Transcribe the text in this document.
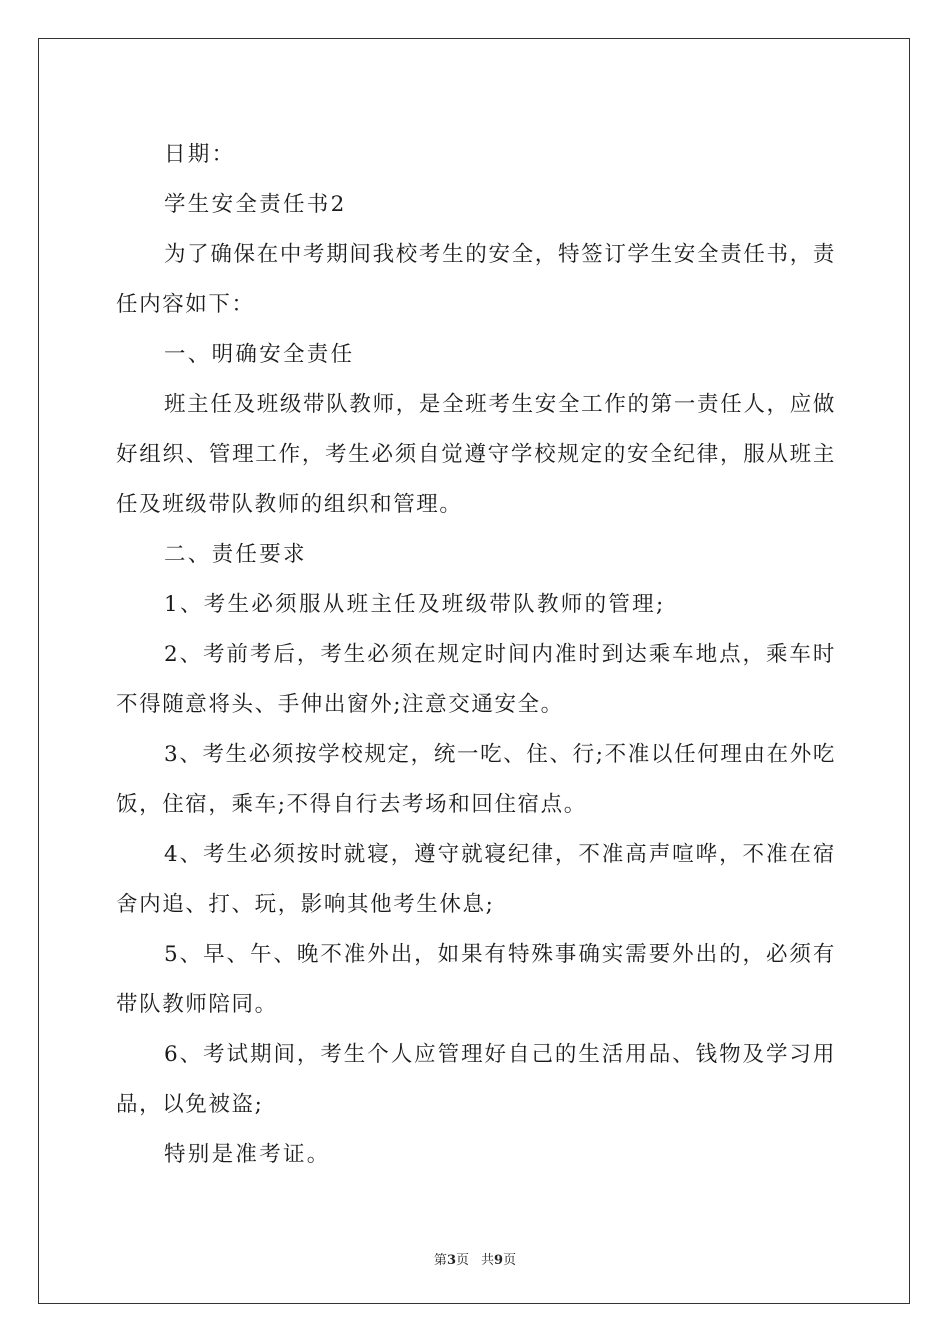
日期：

学生安全责任书2

为了确保在中考期间我校考生的安全，特签订学生安全责任书，责任内容如下：

一、明确安全责任

班主任及班级带队教师，是全班考生安全工作的第一责任人，应做好组织、管理工作，考生必须自觉遵守学校规定的安全纪律，服从班主任及班级带队教师的组织和管理。

二、责任要求

1、考生必须服从班主任及班级带队教师的管理;

2、考前考后，考生必须在规定时间内准时到达乘车地点，乘车时不得随意将头、手伸出窗外;注意交通安全。

3、考生必须按学校规定，统一吃、住、行;不准以任何理由在外吃饭，住宿，乘车;不得自行去考场和回住宿点。

4、考生必须按时就寝，遵守就寝纪律，不准高声喧哗，不准在宿舍内追、打、玩，影响其他考生休息;

5、早、午、晚不准外出，如果有特殊事确实需要外出的，必须有带队教师陪同。

6、考试期间，考生个人应管理好自己的生活用品、钱物及学习用品，以免被盗;

特别是准考证。

第3页 共9页
